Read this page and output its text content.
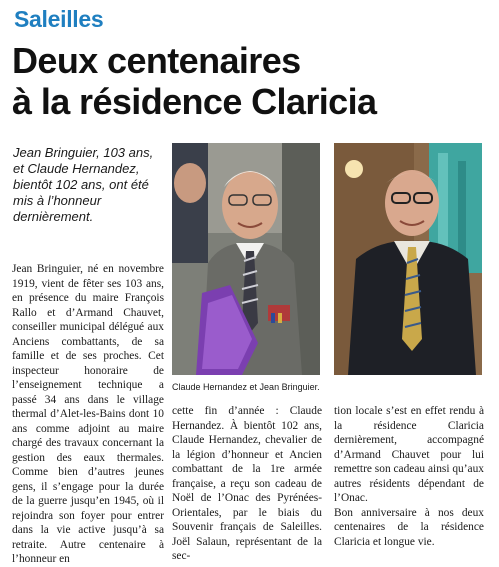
Saleilles
Deux centenaires
à la résidence Claricia

Jean Bringuier, 103 ans, et Claude Hernandez, bientôt 102 ans, ont été mis à l’honneur dernièrement.

Claude Hernandez et Jean Bringuier.

Jean Bringuier, né en novembre 1919, vient de fêter ses 103 ans, en présence du maire François Rallo et d’Armand Chauvet, conseiller municipal délégué aux Anciens combattants, de sa famille et de ses proches. Cet inspecteur honoraire de l’enseignement technique a passé 34 ans dans le village thermal d’Alet-les-Bains dont 10 ans comme adjoint au maire chargé des travaux concernant la gestion des eaux thermales. Comme bien d’autres jeunes gens, il s’engage pour la durée de la guerre jusqu’en 1945, où il rejoindra son foyer pour entrer dans la vie active jusqu’à sa retraite. Autre centenaire à l’honneur en

cette fin d’année : Claude Hernandez. À bientôt 102 ans, Claude Hernandez, chevalier de la légion d’honneur et Ancien combattant de la 1re armée française, a reçu son cadeau de Noël de l’Onac des Pyrénées-Orientales, par le biais du Souvenir français de Saleilles. Joël Salaun, représentant de la sec-

tion locale s’est en effet rendu à la résidence Claricia dernièrement, accompagné d’Armand Chauvet pour lui remettre son cadeau ainsi qu’aux autres résidents dépendant de l’Onac.

Bon anniversaire à nos deux centenaires de la résidence Claricia et longue vie.
